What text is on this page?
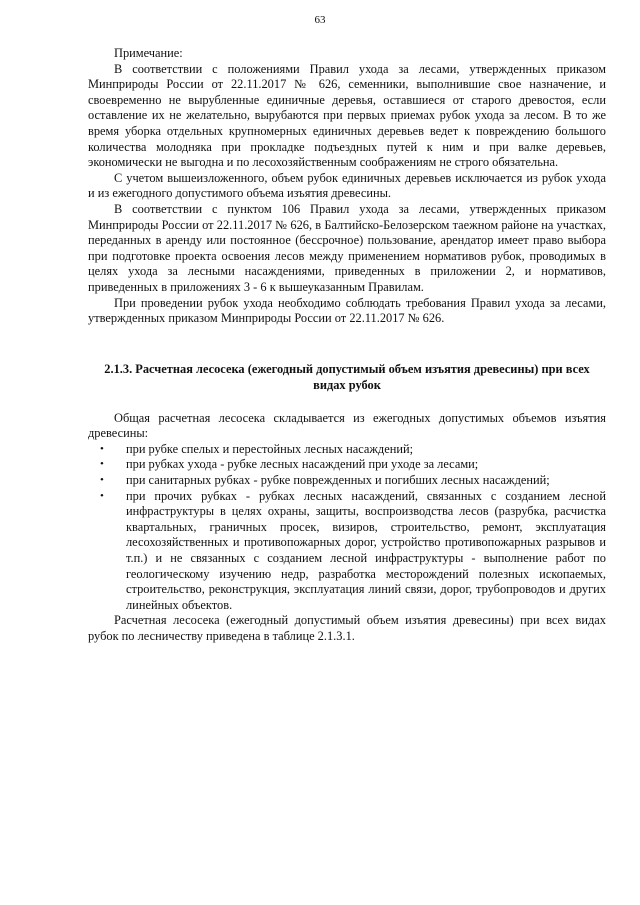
63

Примечание:

В соответствии с положениями Правил ухода за лесами, утвержденных приказом Минприроды России от 22.11.2017 № 626, семенники, выполнившие свое назначение, и своевременно не вырубленные единичные деревья, оставшиеся от старого древостоя, если оставление их не желательно, вырубаются при первых приемах рубок ухода за лесом. В то же время уборка отдельных крупномерных единичных деревьев ведет к повреждению большого количества молодняка при прокладке подъездных путей к ним и при валке деревьев, экономически не выгодна и по лесохозяйственным соображениям не строго обязательна.

С учетом вышеизложенного, объем рубок единичных деревьев исключается из рубок ухода и из ежегодного допустимого объема изъятия древесины.

В соответствии с пунктом 106 Правил ухода за лесами, утвержденных приказом Минприроды России от 22.11.2017 № 626, в Балтийско-Белозерском таежном районе на участках, переданных в аренду или постоянное (бессрочное) пользование, арендатор имеет право выбора при подготовке проекта освоения лесов между применением нормативов рубок, проводимых в целях ухода за лесными насаждениями, приведенных в приложении 2, и нормативов, приведенных в приложениях 3 - 6 к вышеуказанным Правилам.

При проведении рубок ухода необходимо соблюдать требования Правил ухода за лесами, утвержденных приказом Минприроды России от 22.11.2017 № 626.

2.1.3. Расчетная лесосека (ежегодный допустимый объем изъятия древесины) при всех видах рубок

Общая расчетная лесосека складывается из ежегодных допустимых объемов изъятия древесины:

• при рубке спелых и перестойных лесных насаждений;
• при рубках ухода - рубке лесных насаждений при уходе за лесами;
• при санитарных рубках - рубке поврежденных и погибших лесных насаждений;
• при прочих рубках - рубках лесных насаждений, связанных с созданием лесной инфраструктуры в целях охраны, защиты, воспроизводства лесов (разрубка, расчистка квартальных, граничных просек, визиров, строительство, ремонт, эксплуатация лесохозяйственных и противопожарных дорог, устройство противопожарных разрывов и т.п.) и не связанных с созданием лесной инфраструктуры - выполнение работ по геологическому изучению недр, разработка месторождений полезных ископаемых, строительство, реконструкция, эксплуатация линий связи, дорог, трубопроводов и других линейных объектов.

Расчетная лесосека (ежегодный допустимый объем изъятия древесины) при всех видах рубок по лесничеству приведена в таблице 2.1.3.1.
